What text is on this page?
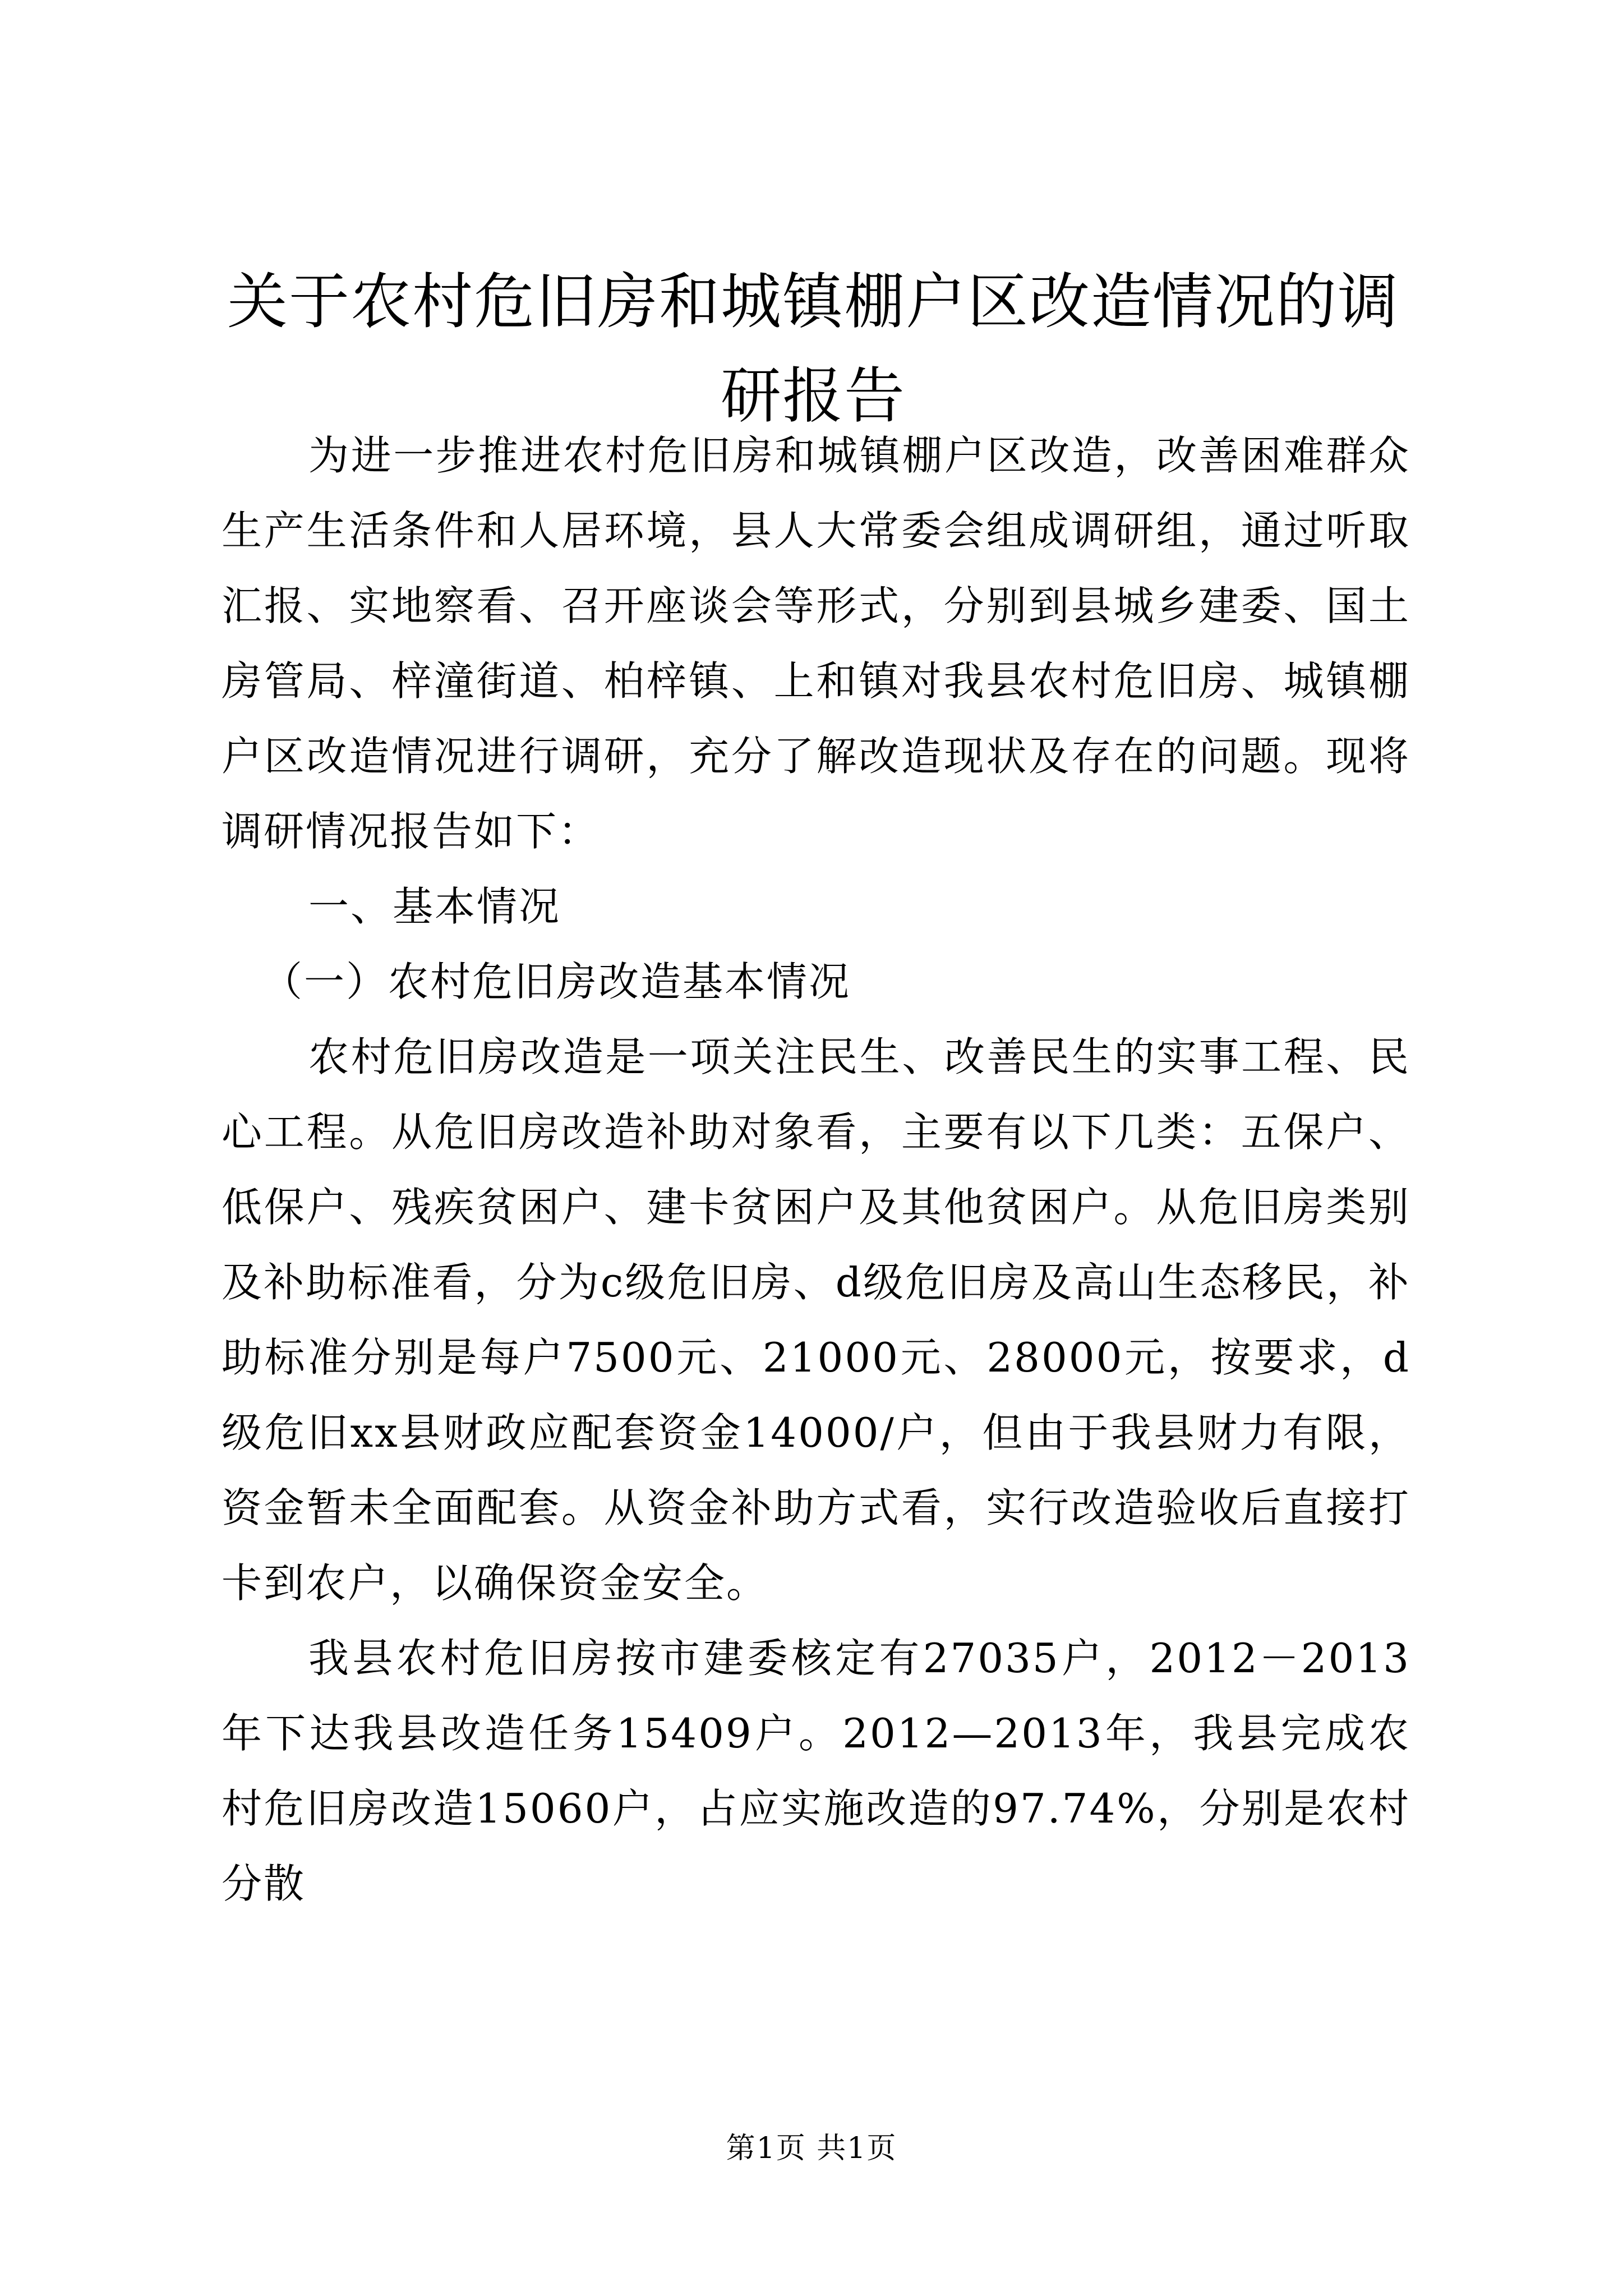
关于农村危旧房和城镇棚户区改造情况的调研报告

为进一步推进农村危旧房和城镇棚户区改造，改善困难群众生产生活条件和人居环境，县人大常委会组成调研组，通过听取汇报、实地察看、召开座谈会等形式，分别到县城乡建委、国土房管局、梓潼街道、柏梓镇、上和镇对我县农村危旧房、城镇棚户区改造情况进行调研，充分了解改造现状及存在的问题。现将调研情况报告如下：

一、基本情况

（一）农村危旧房改造基本情况

农村危旧房改造是一项关注民生、改善民生的实事工程、民心工程。从危旧房改造补助对象看，主要有以下几类：五保户、低保户、残疾贫困户、建卡贫困户及其他贫困户。从危旧房类别及补助标准看，分为c级危旧房、d级危旧房及高山生态移民，补助标准分别是每户7500元、21000元、28000元，按要求，d级危旧xx县财政应配套资金14000/户，但由于我县财力有限，资金暂未全面配套。从资金补助方式看，实行改造验收后直接打卡到农户，以确保资金安全。

我县农村危旧房按市建委核定有27035户，2012－2013年下达我县改造任务15409户。2012—2013年，我县完成农村危旧房改造15060户，占应实施改造的97.74%，分别是农村分散

第1页 共1页
